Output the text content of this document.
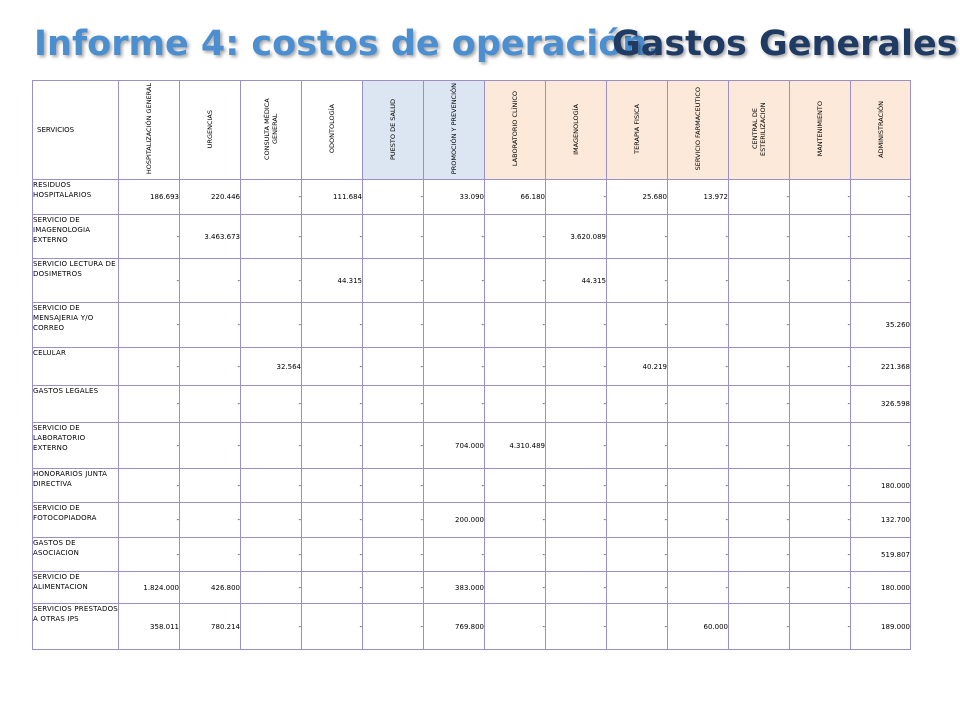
Informe 4: costos de operación.
Gastos Generales
SERVICIOS	HOSPITALIZACIÓN GENERAL	URGENCIAS	CONSULTA MÉDICA GENERAL	ODONTOLOGÍA	PUESTO DE SALUD	PROMOCIÓN Y PREVENCIÓN	LABORATORIO CLÍNICO	IMAGENOLOGÍA	TERAPIA FISICA	SERVICIO FARMACEUTICO	CENTRAL DE ESTERILIZACION	MANTENIMIENTO	ADMINISTRACIÓN
RESIDUOS HOSPITALARIOS	186.693	220.446	-	111.684	-	33.090	66.180	-	25.680	13.972	-	-	-
SERVICIO DE IMAGENOLOGIA EXTERNO	-	3.463.673	-	-	-	-	-	3.620.089	-	-	-	-	-
SERVICIO LECTURA DE DOSIMETROS	-	-	-	44.315	-	-	-	44.315	-	-	-	-	-
SERVICIO DE MENSAJERIA Y/O CORREO	-	-	-	-	-	-	-	-	-	-	-	-	35.260
CELULAR	-	-	32.564	-	-	-	-	-	40.219	-	-	-	221.368
GASTOS LEGALES	-	-	-	-	-	-	-	-	-	-	-	-	326.598
SERVICIO DE LABORATORIO EXTERNO	-	-	-	-	-	704.000	4.310.489	-	-	-	-	-	-
HONORARIOS JUNTA DIRECTIVA	-	-	-	-	-	-	-	-	-	-	-	-	180.000
SERVICIO DE FOTOCOPIADORA	-	-	-	-	-	200.000	-	-	-	-	-	-	132.700
GASTOS DE ASOCIACION	-	-	-	-	-	-	-	-	-	-	-	-	519.807
SERVICIO DE ALIMENTACION	1.824.000	426.800	-	-	-	383.000	-	-	-	-	-	-	180.000
SERVICIOS PRESTADOS A OTRAS IPS	358.011	780.214	-	-	-	769.800	-	-	-	60.000	-	-	189.000
